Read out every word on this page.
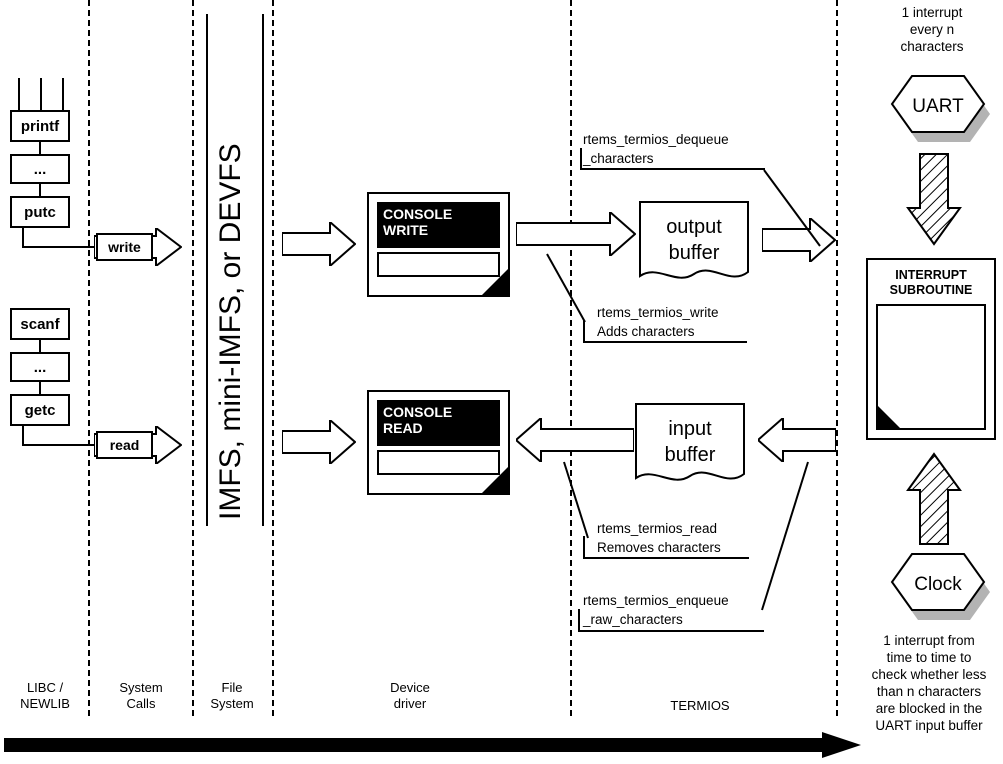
printf
...
putc
write
scanf
...
getc
read	IMFS, mini-IMFS, or DEVFS	CONSOLE
WRITE
CONSOLE
READ
output
buffer
input
buffer
rtems_termios_dequeue
_characters
rtems_termios_write
Adds characters
rtems_termios_read
Removes characters
rtems_termios_enqueue
_raw_characters
1 interrupt
every n
characters
UART
INTERRUPT
SUBROUTINE
Clock
1 interrupt from
time to time to
check whether less
than n characters
are blocked in the
UART input buffer
LIBC /
NEWLIB
System
Calls
File
System
Device
driver	TERMIOS
